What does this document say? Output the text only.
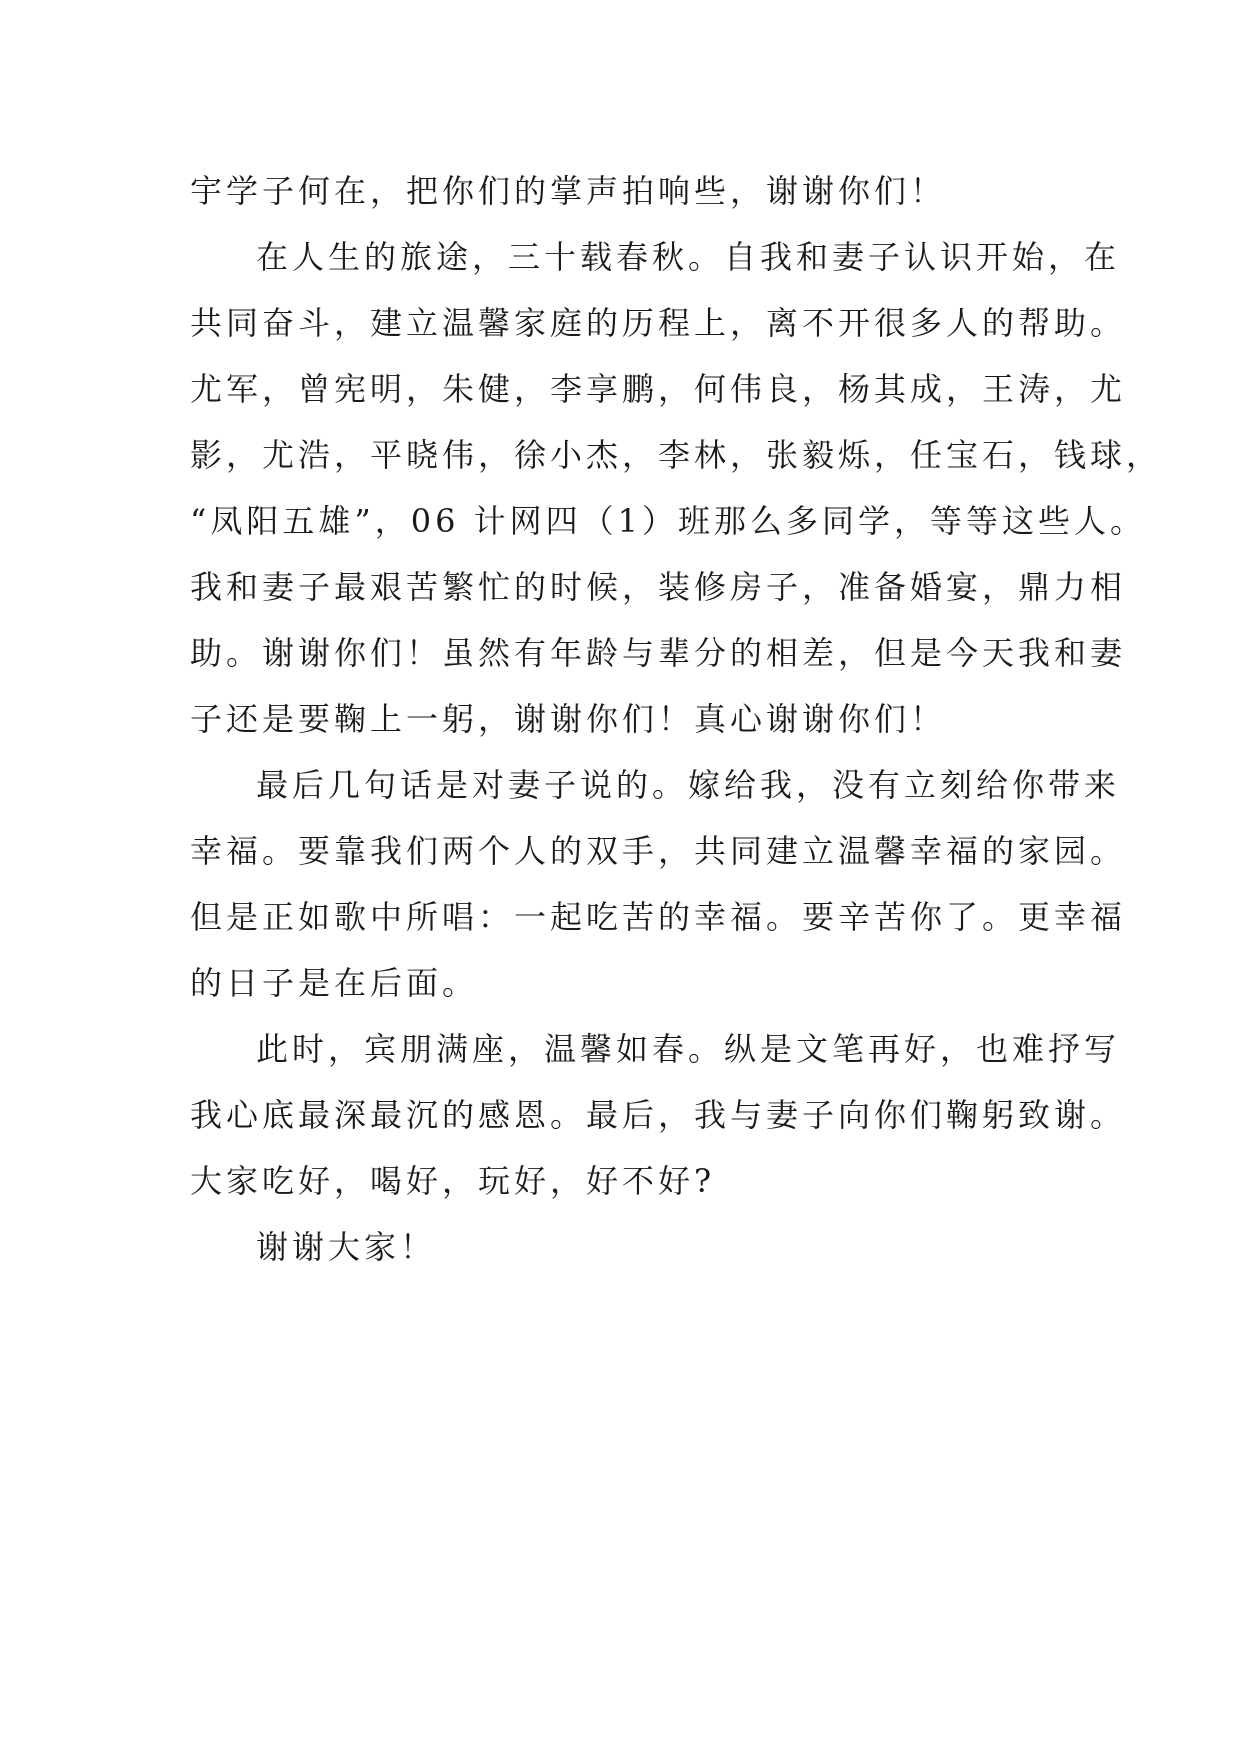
宇学子何在，把你们的掌声拍响些，谢谢你们！
在人生的旅途，三十载春秋。自我和妻子认识开始，在
共同奋斗，建立温馨家庭的历程上，离不开很多人的帮助。
尤军，曾宪明，朱健，李享鹏，何伟良，杨其成，王涛，尤
影，尤浩，平晓伟，徐小杰，李林，张毅烁，任宝石，钱球，
“凤阳五雄”，06 计网四（1）班那么多同学，等等这些人。
我和妻子最艰苦繁忙的时候，装修房子，准备婚宴，鼎力相
助。谢谢你们！虽然有年龄与辈分的相差，但是今天我和妻
子还是要鞠上一躬，谢谢你们！真心谢谢你们！
最后几句话是对妻子说的。嫁给我，没有立刻给你带来
幸福。要靠我们两个人的双手，共同建立温馨幸福的家园。
但是正如歌中所唱：一起吃苦的幸福。要辛苦你了。更幸福
的日子是在后面。
此时，宾朋满座，温馨如春。纵是文笔再好，也难抒写
我心底最深最沉的感恩。最后，我与妻子向你们鞠躬致谢。
大家吃好，喝好，玩好，好不好?
谢谢大家！
